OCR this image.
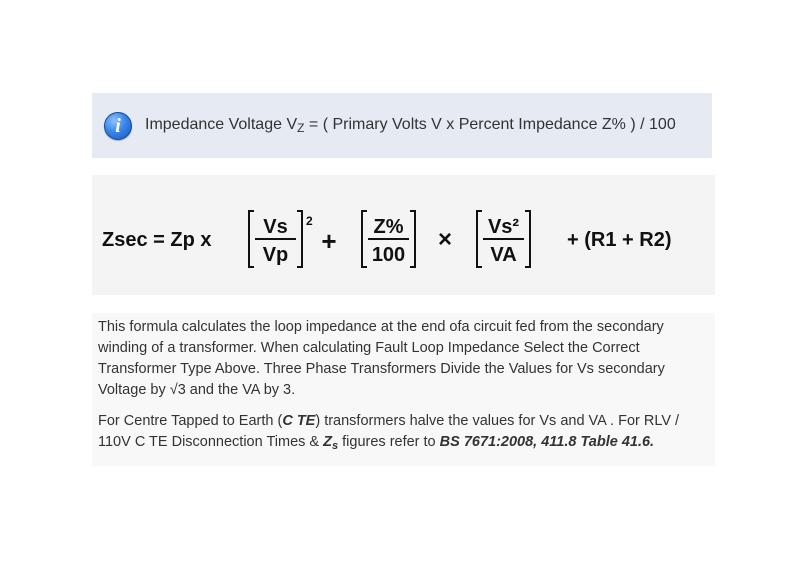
i	Impedance Voltage $V_Z$ = ( Primary Volts V x Percent Impedance Z% ) / 100
Zsec = Zp x
Vs
Vp
2
+ Z%
100
× Vs²
VA
+ (R1 + R2)

This formula calculates the loop impedance at the end ofa circuit fed from the secondary winding of a transformer. When calculating Fault Loop Impedance Select the Correct Transformer Type Above. Three Phase Transformers Divide the Values for Vs secondary Voltage by √3 and the VA by 3.

For Centre Tapped to Earth (C TE) transformers halve the values for Vs and VA . For RLV / 110V C TE Disconnection Times & $Z_s$ figures refer to BS 7671:2008, 411.8 Table 41.6.
